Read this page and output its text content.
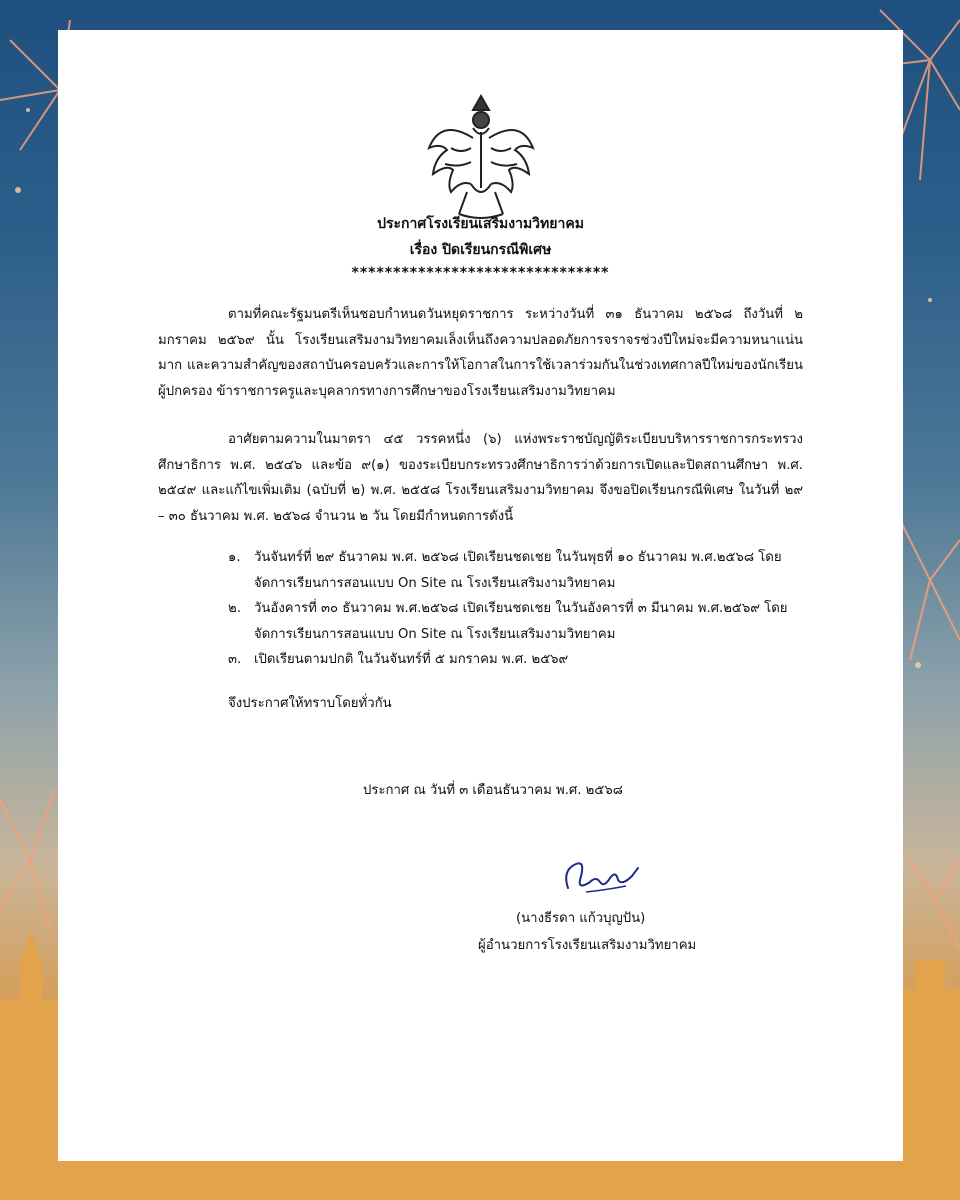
ประกาศโรงเรียนเสริมงามวิทยาคม
เรื่อง ปิดเรียนกรณีพิเศษ
*******************************

ตามที่คณะรัฐมนตรีเห็นชอบกำหนดวันหยุดราชการ ระหว่างวันที่ ๓๑ ธันวาคม ๒๕๖๘ ถึงวันที่ ๒ มกราคม ๒๕๖๙ นั้น โรงเรียนเสริมงามวิทยาคมเล็งเห็นถึงความปลอดภัยการจราจรช่วงปีใหม่จะมีความหนาแน่นมาก และความสำคัญของสถาบันครอบครัวและการให้โอกาสในการใช้เวลาร่วมกันในช่วงเทศกาลปีใหม่ของนักเรียน ผู้ปกครอง ข้าราชการครูและบุคลากรทางการศึกษาของโรงเรียนเสริมงามวิทยาคม

อาศัยตามความในมาตรา ๔๕ วรรคหนึ่ง (๖) แห่งพระราชบัญญัติระเบียบบริหารราชการกระทรวงศึกษาธิการ พ.ศ. ๒๕๔๖ และข้อ ๙(๑) ของระเบียบกระทรวงศึกษาธิการว่าด้วยการเปิดและปิดสถานศึกษา พ.ศ. ๒๕๔๙ และแก้ไขเพิ่มเติม (ฉบับที่ ๒) พ.ศ. ๒๕๕๘ โรงเรียนเสริมงามวิทยาคม จึงขอปิดเรียนกรณีพิเศษ ในวันที่ ๒๙ – ๓๐ ธันวาคม พ.ศ. ๒๕๖๘ จำนวน ๒ วัน โดยมีกำหนดการดังนี้

๑. วันจันทร์ที่ ๒๙ ธันวาคม พ.ศ. ๒๕๖๘ เปิดเรียนชดเชย ในวันพุธที่ ๑๐ ธันวาคม พ.ศ.๒๕๖๘ โดยจัดการเรียนการสอนแบบ On Site ณ โรงเรียนเสริมงามวิทยาคม
๒. วันอังคารที่ ๓๐ ธันวาคม พ.ศ.๒๕๖๘ เปิดเรียนชดเชย ในวันอังคารที่ ๓ มีนาคม พ.ศ.๒๕๖๙ โดยจัดการเรียนการสอนแบบ On Site ณ โรงเรียนเสริมงามวิทยาคม
๓. เปิดเรียนตามปกติ ในวันจันทร์ที่ ๕ มกราคม พ.ศ. ๒๕๖๙
จึงประกาศให้ทราบโดยทั่วกัน
ประกาศ ณ วันที่ ๓ เดือนธันวาคม พ.ศ. ๒๕๖๘
(นางธีรดา แก้วบุญปัน)
ผู้อำนวยการโรงเรียนเสริมงามวิทยาคม
